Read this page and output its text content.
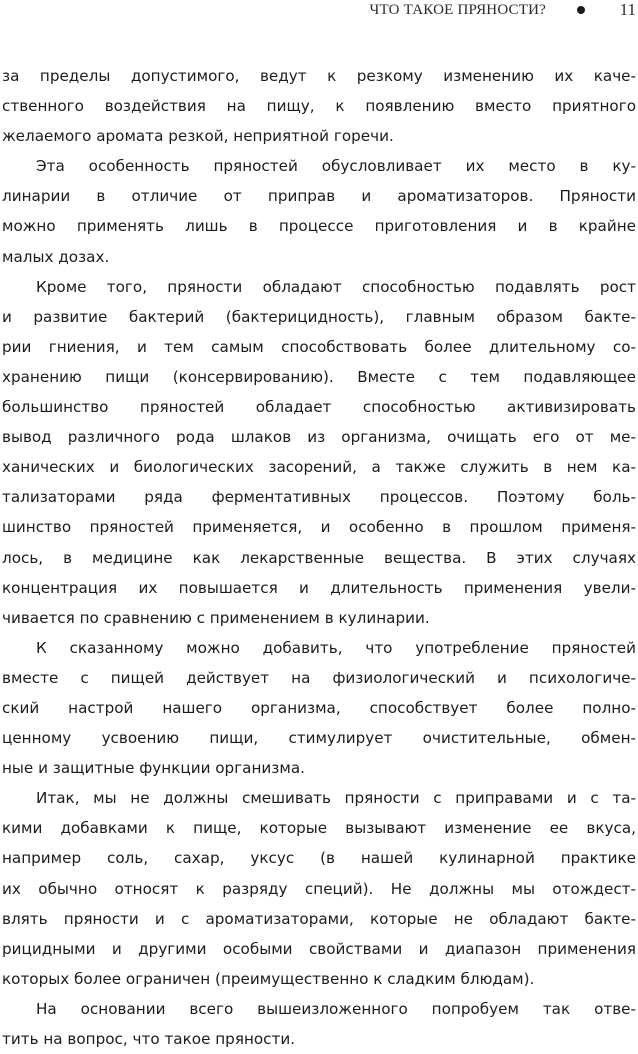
ЧТО ТАКОЕ ПРЯНОСТИ?	11
за пределы допустимого, ведут к резкому изменению их каче-
ственного воздействия на пищу, к появлению вместо приятного
желаемого аромата резкой, неприятной горечи.
Эта особенность пряностей обусловливает их место в ку-
линарии в отличие от приправ и ароматизаторов. Пряности
можно применять лишь в процессе приготовления и в крайне
малых дозах.
Кроме того, пряности обладают способностью подавлять рост
и развитие бактерий (бактерицидность), главным образом бакте-
рии гниения, и тем самым способствовать более длительному со-
хранению пищи (консервированию). Вместе с тем подавляющее
большинство пряностей обладает способностью активизировать
вывод различного рода шлаков из организма, очищать его от ме-
ханических и биологических засорений, а также служить в нем ка-
тализаторами ряда ферментативных процессов. Поэтому боль-
шинство пряностей применяется, и особенно в прошлом применя-
лось, в медицине как лекарственные вещества. В этих случаях
концентрация их повышается и длительность применения увели-
чивается по сравнению с применением в кулинарии.
К сказанному можно добавить, что употребление пряностей
вместе с пищей действует на физиологический и психологиче-
ский настрой нашего организма, способствует более полно-
ценному усвоению пищи, стимулирует очистительные, обмен-
ные и защитные функции организма.
Итак, мы не должны смешивать пряности с приправами и с та-
кими добавками к пище, которые вызывают изменение ее вкуса,
например соль, сахар, уксус (в нашей кулинарной практике
их обычно относят к разряду специй). Не должны мы отождест-
влять пряности и с ароматизаторами, которые не обладают бакте-
рицидными и другими особыми свойствами и диапазон применения
которых более ограничен (преимущественно к сладким блюдам).
На основании всего вышеизложенного попробуем так отве-
тить на вопрос, что такое пряности.
